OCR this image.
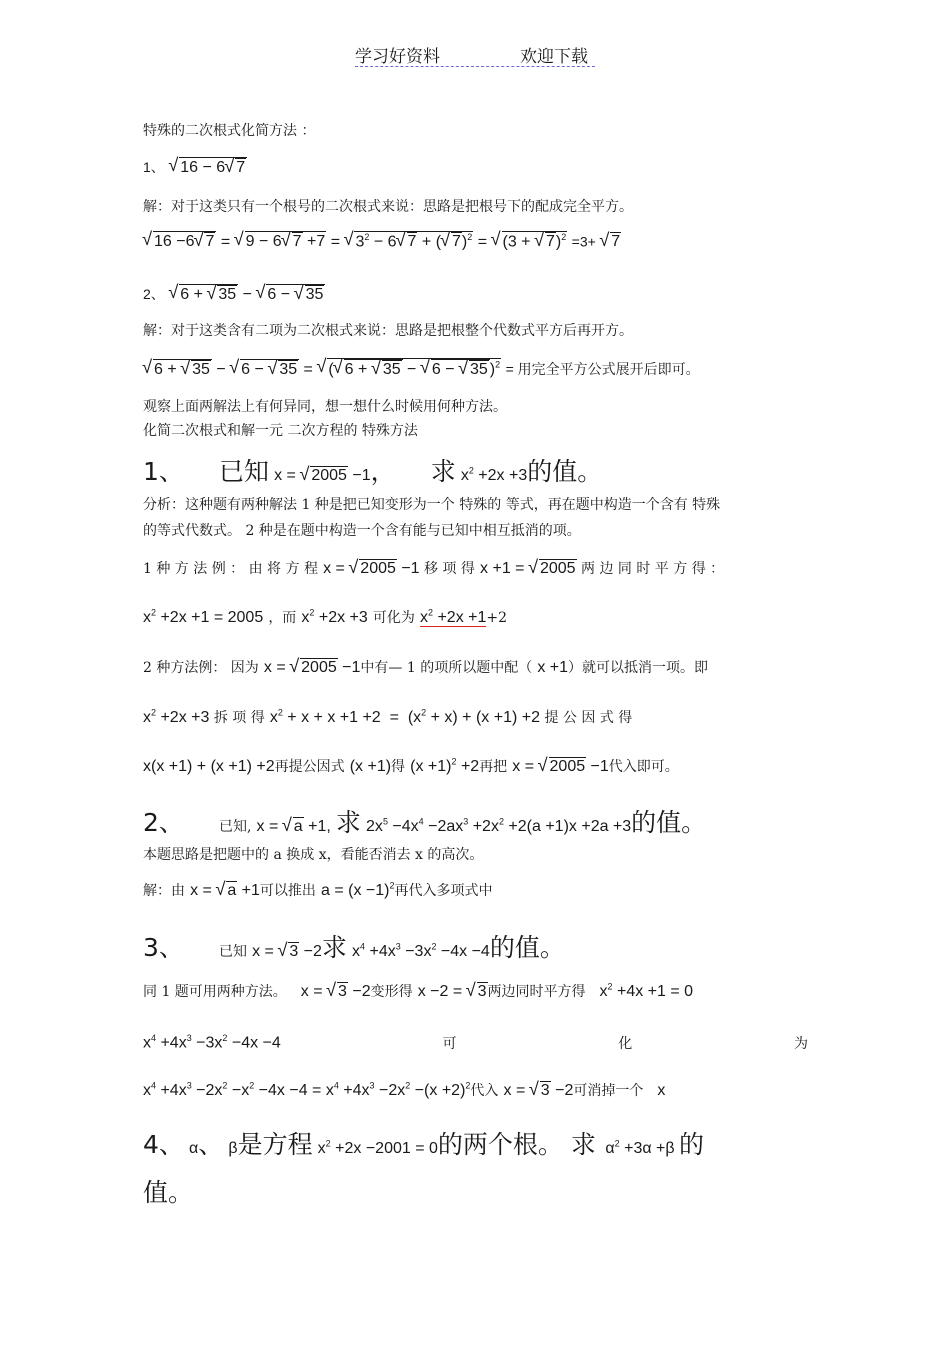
学习好资料	欢迎下载
特殊的二次根式化简方法 ：
1、 √ 16 − 6√ 7
解：对于这类只有一个根号的二次根式来说：思路是把根号下的配成完全平方。
√ 16 −6√ 7 = √ 9 − 6√ 7 +7 = √ $3^2 - 6√$ 7 + (√ 7)$^2$ = √ (3 + √ 7)$^2$ =3+ √ 7
2、 √ 6 + √ 35 − √ 6 − √ 35
解：对于这类含有二项为二次根式来说：思路是把根整个代数式平方后再开方。
√ 6 + √ 35 − √ 6 − √ 35 = √ (√ 6 + √ 35 − √ 6 − √ 35 )$^2$ = 用完全平方公式展开后即可。
观察上面两解法上有何异同，想一想什么时候用何种方法。
化简二次根式和解一元 二次方程的 特殊方法
1、 已知 x = √ 2005 −1， 求 $x^2 +2x +3$的值。
分析：这种题有两种解法 1 种是把已知变形为一个 特殊的 等式，再在题中构造一个含有 特殊
的等式代数式。 2 种是在题中构造一个含有能与已知中相互抵消的项。
1 种 方 法 例 ： 由 将 方 程 x = √ 2005 −1 移 项 得 x +1 = √ 2005 两 边 同 时 平 方 得 ：
$x^2 +2x +1 = 2005$ ，而 $x^2 +2x +3$ 可化为 $x^2 +2x +1+2$
2 种方法例： 因为 x = √ 2005 −1中有— 1 的项所以题中配（ x +1）就可以抵消一项。即
$x^2 +2x +3$ 拆 项 得 $x^2 + x + x +1 +2 = (x^2 + x) + (x +1) +2$ 提 公 因 式 得
x(x +1) + (x +1) +2再提公因式 (x +1)得 $(x +1)^2 +2$再把 x = √ 2005 −1代入即可。
2、	已知, x = √ a +1, 求 $2x^5 -4x^4 -2ax^3 +2x^2 +2(a +1)x +2a +3$的值。
本题思路是把题中的 a 换成 x，看能否消去 x 的高次。
解：由 x = √ a +1可以推出 $a = (x -1)^2$再代入多项式中
3、	已知 x = √ 3 −2求 $x^4 +4x^3 -3x^2 -4x -4$的值。
同 1 题可用两种方法。   x = √ 3 −2变形得 x −2 = √ 3两边同时平方得   $x^2 +4x +1 = 0$
$x^4 +4x^3 -3x^2 -4x -4$	可	化	为
$x^4 +4x^3 -2x^2 -x^2 -4x -4 = x^4 +4x^3 -2x^2 -(x +2)^2$代入 x = √ 3 −2可消掉一个   x
4、 α、 β是方程 $x^2 +2x -2001 = 0$的两个根。 求  $\alpha^2 +3\alpha +\beta$ 的
值。
